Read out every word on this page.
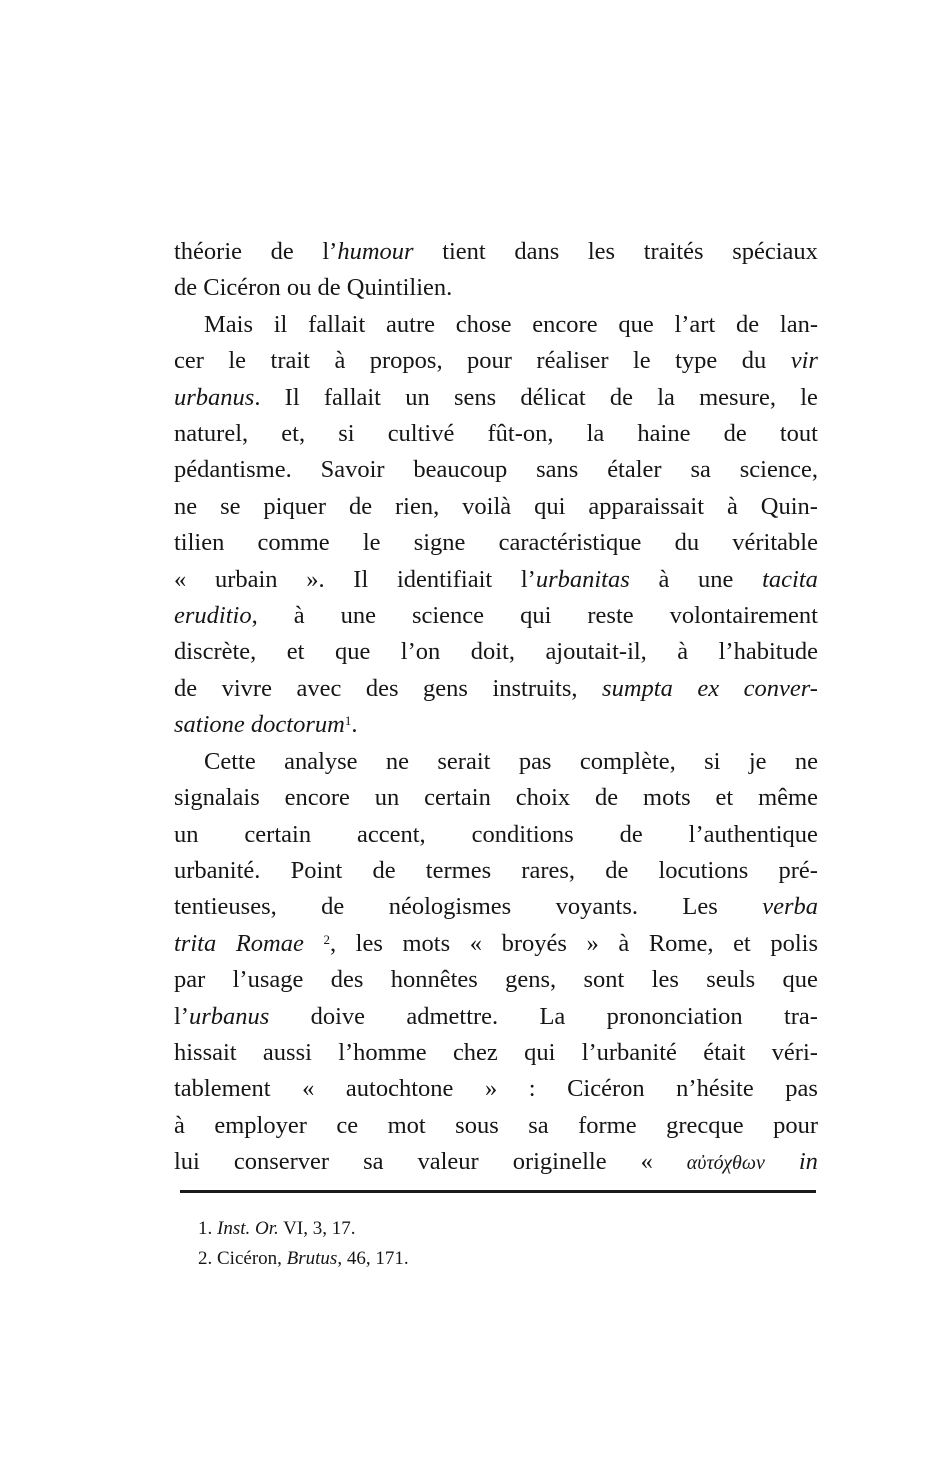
théorie de l’humour tient dans les traités spéciaux
de Cicéron ou de Quintilien.
Mais il fallait autre chose encore que l’art de lan-
cer le trait à propos, pour réaliser le type du vir
urbanus. Il fallait un sens délicat de la mesure, le
naturel, et, si cultivé fût-on, la haine de tout
pédantisme. Savoir beaucoup sans étaler sa science,
ne se piquer de rien, voilà qui apparaissait à Quin-
tilien comme le signe caractéristique du véritable
« urbain ». Il identifiait l’urbanitas à une tacita
eruditio, à une science qui reste volontairement
discrète, et que l’on doit, ajoutait-il, à l’habitude
de vivre avec des gens instruits, sumpta ex conver-
satione doctorum$^1$ .
Cette analyse ne serait pas complète, si je ne
signalais encore un certain choix de mots et même
un certain accent, conditions de l’authentique
urbanité. Point de termes rares, de locutions pré-
tentieuses, de néologismes voyants. Les verba
trita Romae $^2$, les mots « broyés » à Rome, et polis
par l’usage des honnêtes gens, sont les seuls que
l’urbanus doive admettre. La prononciation tra-
hissait aussi l’homme chez qui l’urbanité était véri-
tablement « autochtone » : Cicéron n’hésite pas
à employer ce mot sous sa forme grecque pour
lui conserver sa valeur originelle « αὐτόχθων in
1. Inst. Or. VI, 3, 17.
2. Cicéron, Brutus, 46, 171.
